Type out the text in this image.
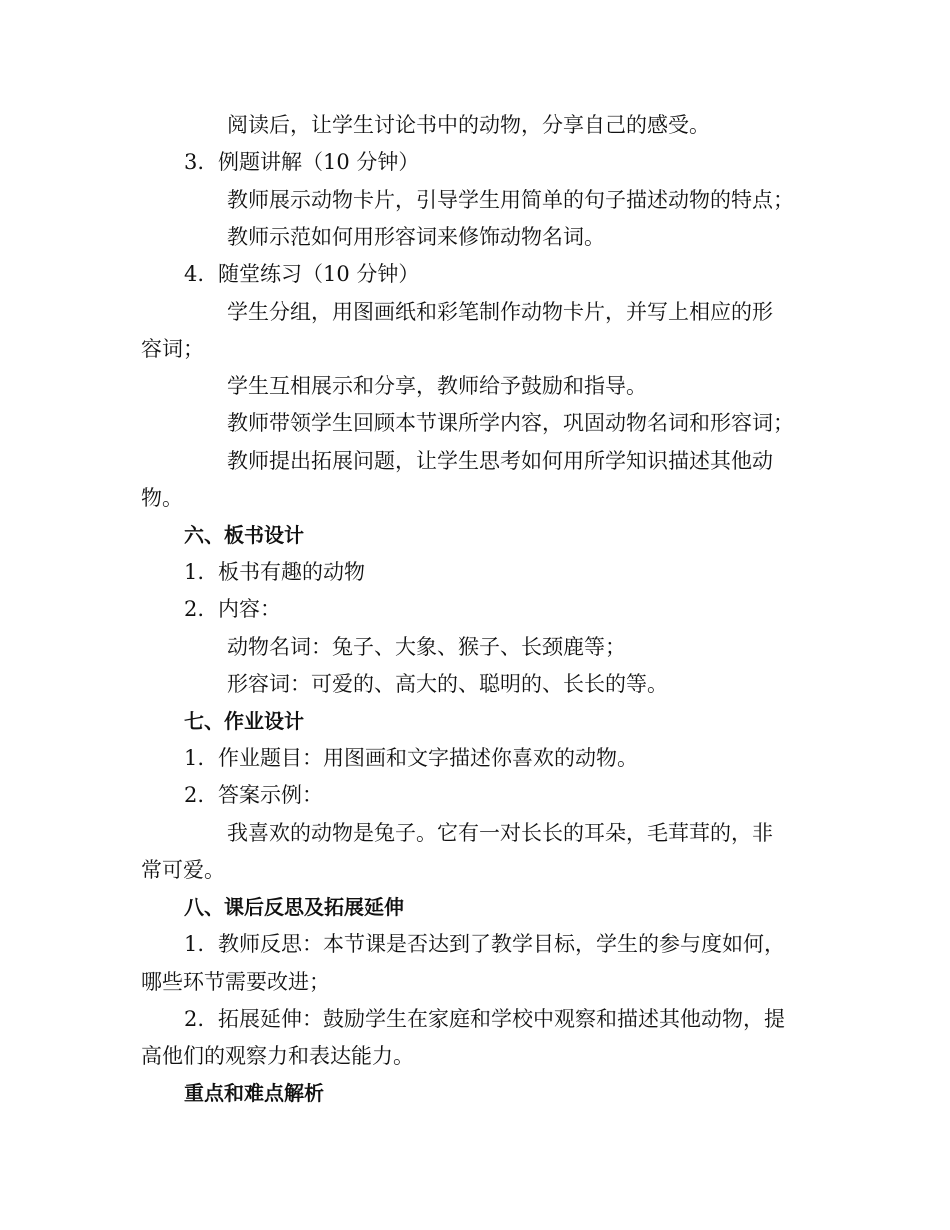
阅读后，让学生讨论书中的动物，分享自己的感受。
3. 例题讲解（10 分钟）
教师展示动物卡片，引导学生用简单的句子描述动物的特点；
教师示范如何用形容词来修饰动物名词。
4. 随堂练习（10 分钟）
学生分组，用图画纸和彩笔制作动物卡片，并写上相应的形
容词；
学生互相展示和分享，教师给予鼓励和指导。
教师带领学生回顾本节课所学内容，巩固动物名词和形容词；
教师提出拓展问题，让学生思考如何用所学知识描述其他动
物。
六、板书设计
1. 板书有趣的动物
2. 内容：
动物名词：兔子、大象、猴子、长颈鹿等；
形容词：可爱的、高大的、聪明的、长长的等。
七、作业设计
1. 作业题目：用图画和文字描述你喜欢的动物。
2. 答案示例：
我喜欢的动物是兔子。它有一对长长的耳朵，毛茸茸的，非
常可爱。
八、课后反思及拓展延伸
1. 教师反思：本节课是否达到了教学目标，学生的参与度如何，
哪些环节需要改进；
2. 拓展延伸：鼓励学生在家庭和学校中观察和描述其他动物，提
高他们的观察力和表达能力。
重点和难点解析
